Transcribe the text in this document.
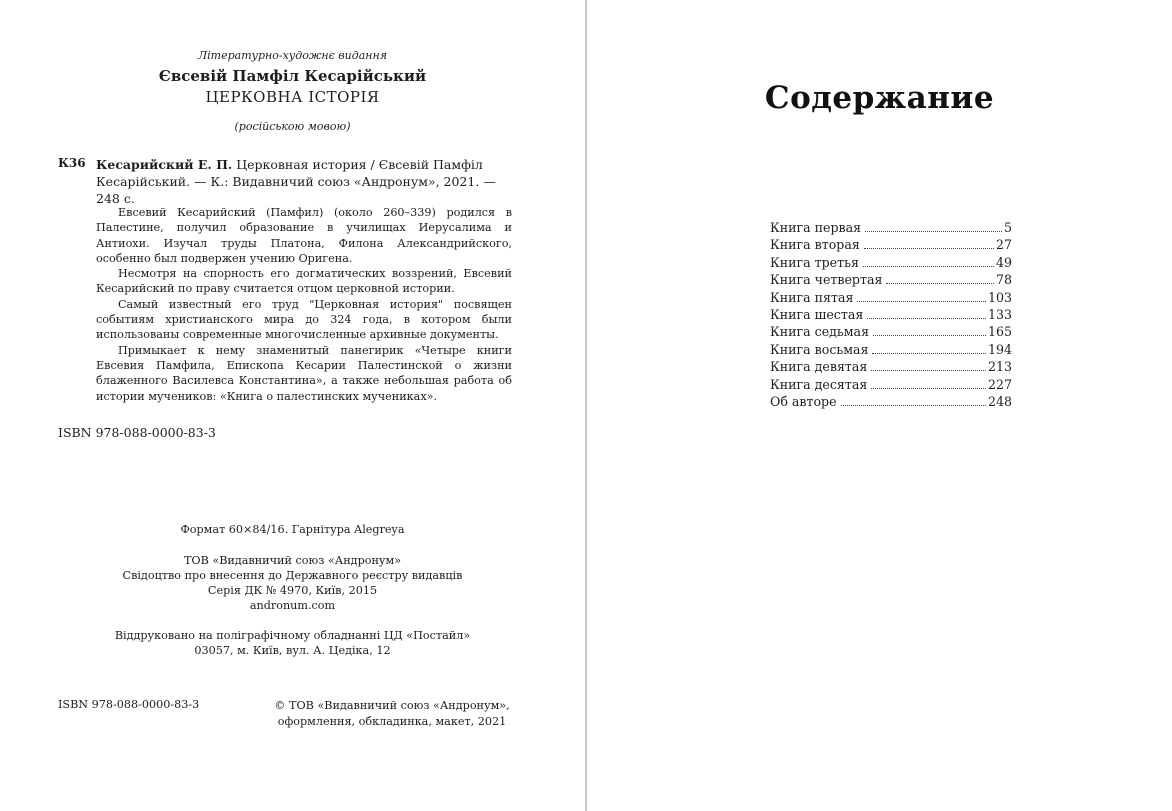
Літературно-художнє видання
Євсевій Памфіл Кесарійський
ЦЕРКОВНА ІСТОРІЯ
(російською мовою)
К36 Кесарийский Е. П. Церковная история / Євсевій Памфіл Кесарійський. — К.: Видавничий союз «Андронум», 2021. — 248 с.

Евсевий Кесарийский (Памфил) (около 260–339) родился в Палестине, получил образование в училищах Иерусалима и Антиохи. Изучал труды Платона, Филона Александрийского, особенно был подвержен учению Оригена.

Несмотря на спорность его догматических воззрений, Евсевий Кесарийский по праву считается отцом церковной истории.

Самый известный его труд "Церковная история" посвящен событиям христианского мира до 324 года, в котором были использованы современные многочисленные архивные документы.

Примыкает к нему знаменитый панегирик «Четыре книги Евсевия Памфила, Епископа Кесарии Палестинской о жизни блаженного Василевса Константина», а также небольшая работа об истории мучеников: «Книга о палестинских мучениках».

ISBN 978-088-0000-83-3
Формат 60×84/16. Гарнітура Alegreya
ТОВ «Видавничий союз «Андронум»
Свідоцтво про внесення до Державного реєстру видавців
Серія ДК № 4970, Київ, 2015
andronum.com
Віддруковано на поліграфічному обладнанні ЦД «Постайл»
03057, м. Київ, вул. А. Цедіка, 12
ISBN 978-088-0000-83-3	© ТОВ «Видавничий союз «Андронум»,
оформлення, обкладинка, макет, 2021
Содержание
Книга первая	5
Книга вторая	27
Книга третья	49
Книга четвертая	78
Книга пятая	103
Книга шестая	133
Книга седьмая	165
Книга восьмая	194
Книга девятая	213
Книга десятая	227
Об авторе	248
